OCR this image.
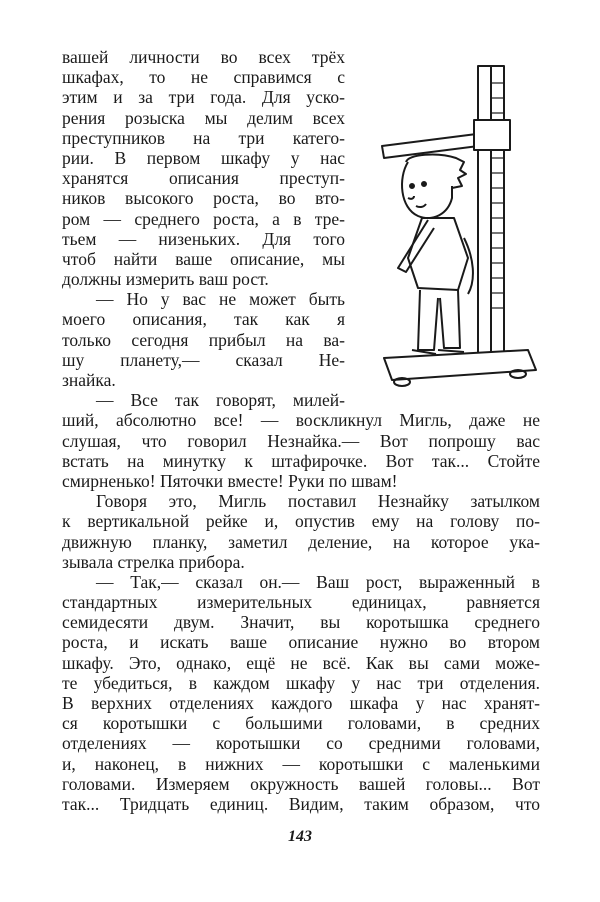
вашей личности во всех трёх
шкафах, то не справимся с
этим и за три года. Для уско-
рения розыска мы делим всех
преступников на три катего-
рии. В первом шкафу у нас
хранятся описания преступ-
ников высокого роста, во вто-
ром — среднего роста, а в тре-
тьем — низеньких. Для того
чтоб найти ваше описание, мы
должны измерить ваш рост.
— Но у вас не может быть
моего описания, так как я
только сегодня прибыл на ва-
шу планету,— сказал Не-
знайка.
— Все так говорят, милей-
ший, абсолютно все! — воскликнул Мигль, даже не
слушая, что говорил Незнайка.— Вот попрошу вас
встать на минутку к штафирочке. Вот так... Стойте
смирненько! Пяточки вместе! Руки по швам!
Говоря это, Мигль поставил Незнайку затылком
к вертикальной рейке и, опустив ему на голову по-
движную планку, заметил деление, на которое ука-
зывала стрелка прибора.
— Так,— сказал он.— Ваш рост, выраженный в
стандартных измерительных единицах, равняется
семидесяти двум. Значит, вы коротышка среднего
роста, и искать ваше описание нужно во втором
шкафу. Это, однако, ещё не всё. Как вы сами може-
те убедиться, в каждом шкафу у нас три отделения.
В верхних отделениях каждого шкафа у нас хранят-
ся коротышки с большими головами, в средних
отделениях — коротышки со средними головами,
и, наконец, в нижних — коротышки с маленькими
головами. Измеряем окружность вашей головы... Вот
так... Тридцать единиц. Видим, таким образом, что
143
